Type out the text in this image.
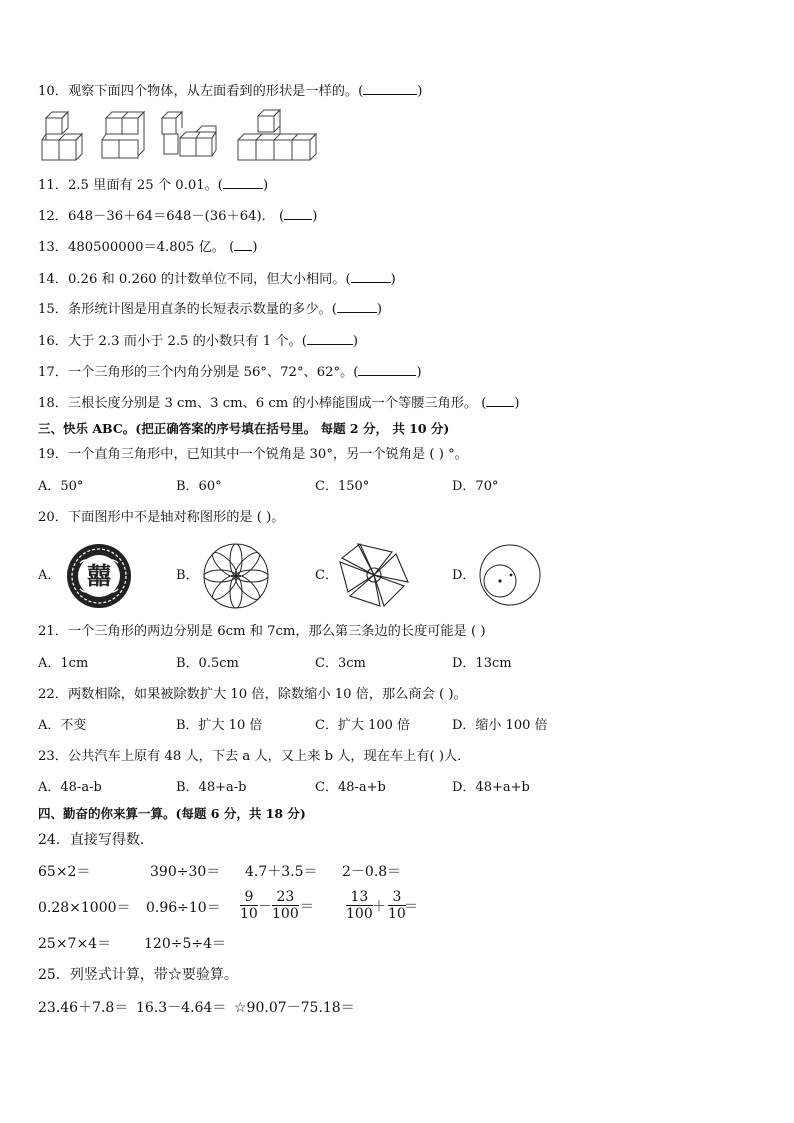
10．观察下面四个物体，从左面看到的形状是一样的。(	)
11．2.5 里面有 25 个 0.01。(	)
12．648－36＋64＝648－(36＋64)． ( )
13．480500000＝4.805 亿。 ( )
14．0.26 和 0.260 的计数单位不同，但大小相同。(	)
15．条形统计图是用直条的长短表示数量的多少。(	)
16．大于 2.3 而小于 2.5 的小数只有 1 个。(	)
17．一个三角形的三个内角分别是 56°、72°、62°。(	)
18．三根长度分别是 3 cm、3 cm、6 cm 的小棒能围成一个等腰三角形。 ( )
三、快乐 ABC。(把正确答案的序号填在括号里。 每题 2 分， 共 10 分)
19．一个直角三角形中，已知其中一个锐角是 30°，另一个锐角是 ( ) °。
A．50°	B．60°	C．150°	D．70°
20．下面图形中不是轴对称图形的是 ( )。
A．	囍	B．	C．	D．
21．一个三角形的两边分别是 6cm 和 7cm，那么第三条边的长度可能是 ( )
A．1cm	B．0.5cm	C．3cm	D．13cm
22．两数相除，如果被除数扩大 10 倍，除数缩小 10 倍，那么商会 ( )。
A．不变	B．扩大 10 倍	C．扩大 100 倍	D．缩小 100 倍
23．公共汽车上原有 48 人，下去 a 人，又上来 b 人，现在车上有( )人．
A．48-a-b	B．48+a-b	C．48-a+b	D．48+a+b
四、勤奋的你来算一算。(每题 6 分，共 18 分)
24．直接写得数．
65×2＝	390÷30＝ 4.7＋3.5＝ 2－0.8＝
0.28×1000＝ 0.96÷10＝
9
10 －
23
100 ＝
13
100 ＋
3
10
＝
25×7×4＝ 120÷5÷4＝
25．列竖式计算，带☆要验算。
23.46＋7.8＝ 16.3－4.64＝ ☆90.07－75.18＝
